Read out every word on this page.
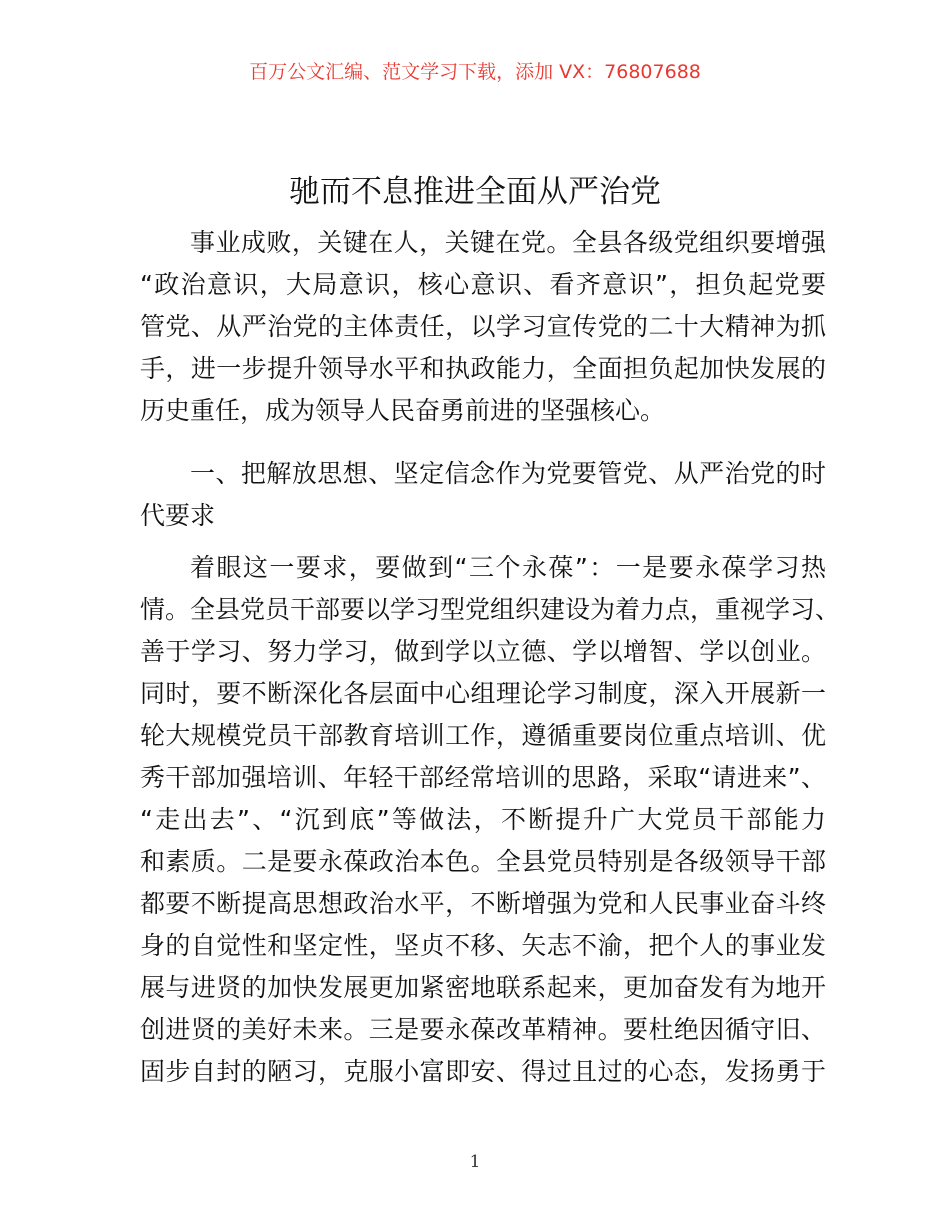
百万公文汇编、范文学习下载，添加 VX：76807688
驰而不息推进全面从严治党
事业成败，关键在人，关键在党。全县各级党组织要增强
“政治意识，大局意识，核心意识、看齐意识”，担负起党要
管党、从严治党的主体责任，以学习宣传党的二十大精神为抓
手，进一步提升领导水平和执政能力，全面担负起加快发展的
历史重任，成为领导人民奋勇前进的坚强核心。
一、把解放思想、坚定信念作为党要管党、从严治党的时
代要求
着眼这一要求，要做到“三个永葆”：一是要永葆学习热
情。全县党员干部要以学习型党组织建设为着力点，重视学习、
善于学习、努力学习，做到学以立德、学以增智、学以创业。
同时，要不断深化各层面中心组理论学习制度，深入开展新一
轮大规模党员干部教育培训工作，遵循重要岗位重点培训、优
秀干部加强培训、年轻干部经常培训的思路，采取“请进来”、
“走出去”、“沉到底”等做法，不断提升广大党员干部能力
和素质。二是要永葆政治本色。全县党员特别是各级领导干部
都要不断提高思想政治水平，不断增强为党和人民事业奋斗终
身的自觉性和坚定性，坚贞不移、矢志不渝，把个人的事业发
展与进贤的加快发展更加紧密地联系起来，更加奋发有为地开
创进贤的美好未来。三是要永葆改革精神。要杜绝因循守旧、
固步自封的陋习，克服小富即安、得过且过的心态，发扬勇于
1
